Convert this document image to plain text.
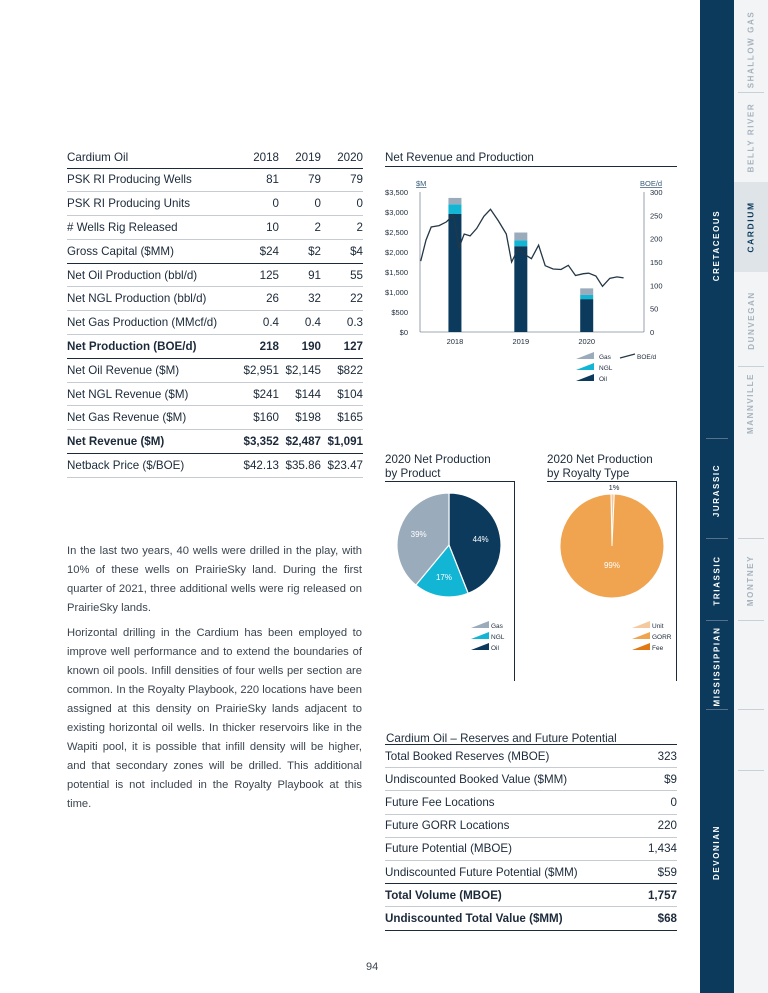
CRETACEOUS
JURASSIC
TRIASSIC
MISSISSIPPIAN
DEVONIAN
SHALLOW GAS
BELLY RIVER
CARDIUM
DUNVEGAN
MANNVILLE
MONTNEY
Cardium Oil	2018	2019	2020
PSK RI Producing Wells	81	79	79
PSK RI Producing Units	0	0	0
# Wells Rig Released	10	2	2
Gross Capital ($MM)	$24	$2	$4
Net Oil Production (bbl/d)	125	91	55
Net NGL Production (bbl/d)	26	32	22
Net Gas Production (MMcf/d)	0.4	0.4	0.3
Net Production (BOE/d)	218	190	127
Net Oil Revenue ($M)	$2,951	$2,145	$822
Net NGL Revenue ($M)	$241	$144	$104
Net Gas Revenue ($M)	$160	$198	$165
Net Revenue ($M)	$3,352	$2,487	$1,091
Netback Price ($/BOE)	$42.13	$35.86	$23.47

In the last two years, 40 wells were drilled in the play, with 10% of these wells on PrairieSky land. During the first quarter of 2021, three additional wells were rig released on PrairieSky lands.

Horizontal drilling in the Cardium has been employed to improve well performance and to extend the boundaries of known oil pools. Infill densities of four wells per section are common. In the Royalty Playbook, 220 locations have been assigned at this density on PrairieSky lands adjacent to existing horizontal oil wells. In thicker reservoirs like in the Wapiti pool, it is possible that infill density will be higher, and that secondary zones will be drilled. This additional potential is not included in the Royalty Playbook at this time.

Net Revenue and Production
$M	BOE/d
$0
$500
$1,000
$1,500
$2,000
$2,500
$3,000
$3,500
0
50
100
150
200
250
300
2018	2019	2020
Gas
NGL
Oil
BOE/d
2020 Net Production
by Product
44%
17%
39%
Gas
NGL
Oil
2020 Net Production
by Royalty Type
1%
99%
Unit
GORR
Fee
Cardium Oil – Reserves and Future Potential
Total Booked Reserves (MBOE)	323
Undiscounted Booked Value ($MM)	$9
Future Fee Locations	0
Future GORR Locations	220
Future Potential (MBOE)	1,434
Undiscounted Future Potential ($MM)	$59
Total Volume (MBOE)	1,757
Undiscounted Total Value ($MM)	$68
94
